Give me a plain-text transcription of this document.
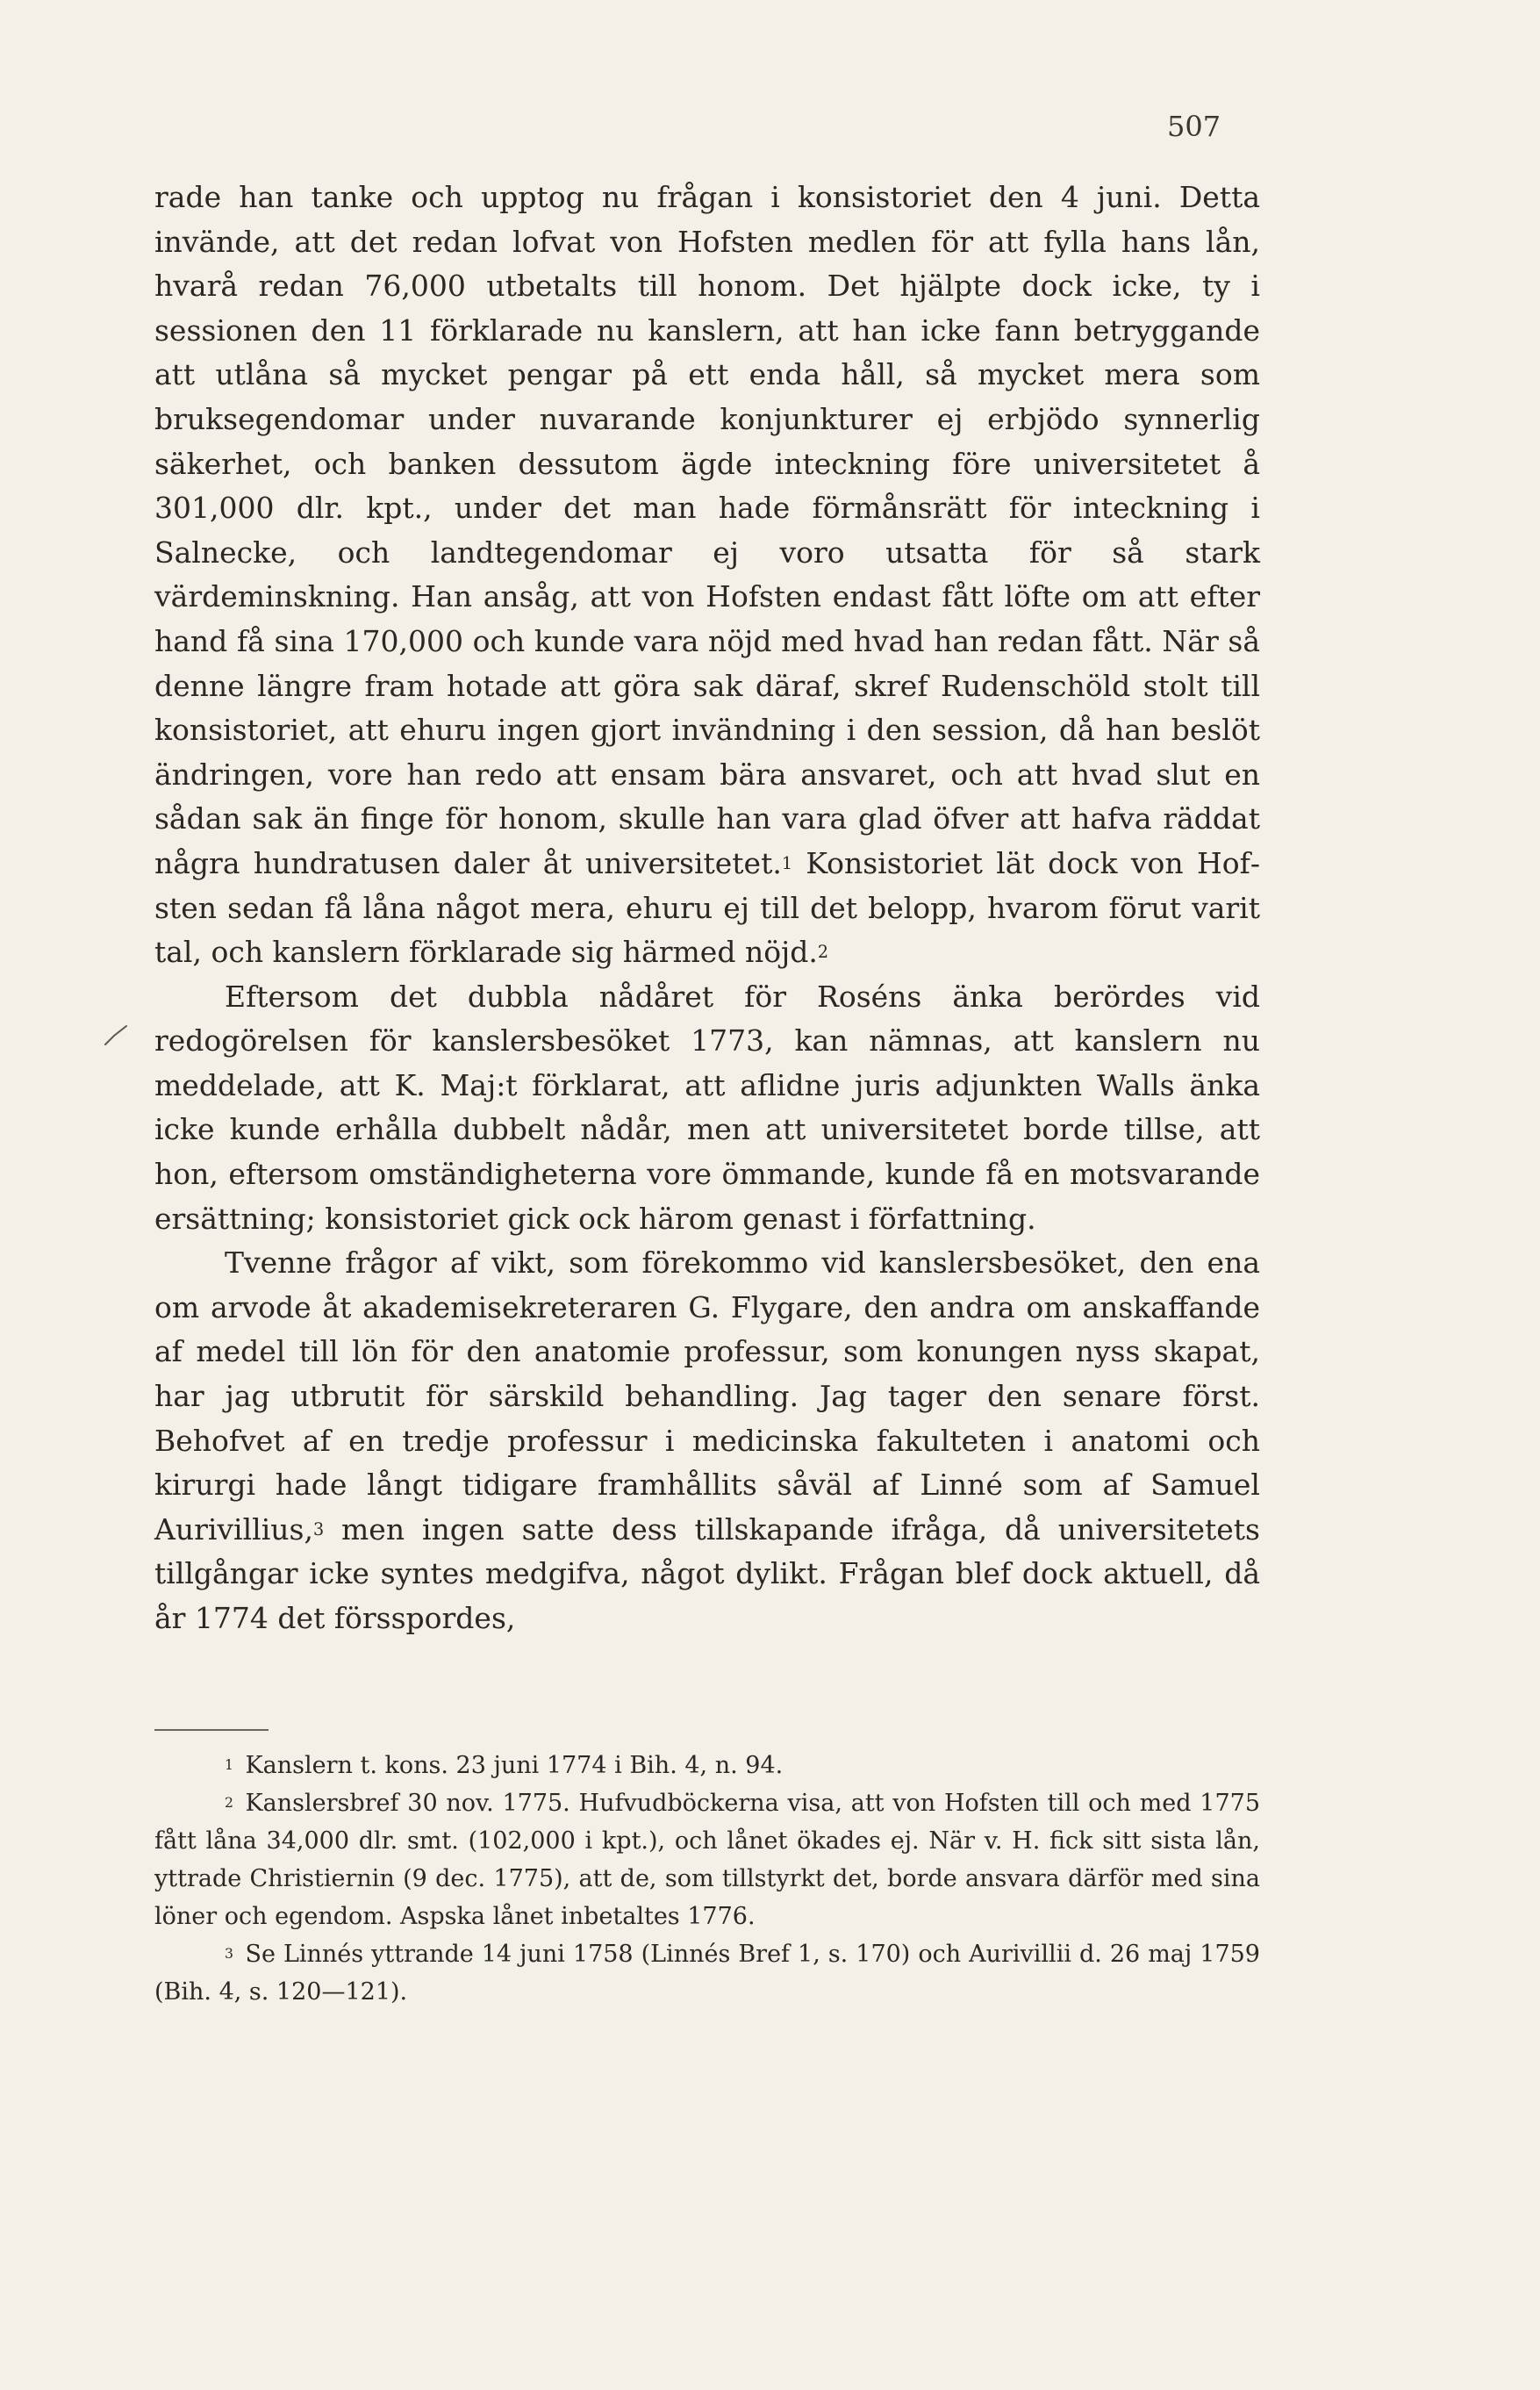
507

rade han tanke och upptog nu frågan i konsistoriet den 4 juni. Detta invände, att det redan lofvat von Hofsten medlen för att fylla hans lån, hvarå redan 76,000 utbetalts till honom. Det hjälpte dock icke, ty i sessionen den 11 förklarade nu kanslern, att han icke fann betryggande att utlåna så mycket pengar på ett enda håll, så mycket mera som bruksegendomar under nuvarande konjunkturer ej erbjödo synnerlig säkerhet, och banken dessutom ägde inteckning före universitetet å 301,000 dlr. kpt., under det man hade förmånsrätt för inteckning i Salnecke, och landtegendomar ej voro utsatta för så stark värdeminskning. Han ansåg, att von Hofsten endast fått löfte om att efter hand få sina 170,000 och kunde vara nöjd med hvad han redan fått. När så denne längre fram hotade att göra sak däraf, skref Rudenschöld stolt till konsistoriet, att ehuru ingen gjort invändning i den session, då han beslöt ändringen, vore han redo att ensam bära ansvaret, och att hvad slut en sådan sak än finge för honom, skulle han vara glad öfver att hafva räddat några hundratusen daler åt universitetet.$^1$ Konsistoriet lät dock von Hofsten sedan få låna något mera, ehuru ej till det belopp, hvarom förut varit tal, och kanslern förklarade sig härmed nöjd.$^2$

Eftersom det dubbla nådåret för Roséns änka berördes vid redogörelsen för kanslersbesöket 1773, kan nämnas, att kanslern nu meddelade, att K. Maj:t förklarat, att aflidne juris adjunkten Walls änka icke kunde erhålla dubbelt nådår, men att universitetet borde tillse, att hon, eftersom omständigheterna vore ömmande, kunde få en motsvarande ersättning; konsistoriet gick ock härom genast i författning.

Tvenne frågor af vikt, som förekommo vid kanslersbesöket, den ena om arvode åt akademisekreteraren G. Flygare, den andra om anskaffande af medel till lön för den anatomie professur, som konungen nyss skapat, har jag utbrutit för särskild behandling. Jag tager den senare först. Behofvet af en tredje professur i medicinska fakulteten i anatomi och kirurgi hade långt tidigare framhållits såväl af Linné som af Samuel Aurivillius,$^3$ men ingen satte dess tillskapande ifråga, då universitetets tillgångar icke syntes medgifva, något dylikt. Frågan blef dock aktuell, då år 1774 det försspordes,

$^1$  Kanslern t. kons. 23 juni 1774 i Bih. 4, n. 94.

$^2$  Kanslersbref 30 nov. 1775. Hufvudböckerna visa, att von Hofsten till och med 1775 fått låna 34,000 dlr. smt. (102,000 i kpt.), och lånet ökades ej. När v. H. fick sitt sista lån, yttrade Christiernin (9 dec. 1775), att de, som tillstyrkt det, borde ansvara därför med sina löner och egendom. Aspska lånet inbetaltes 1776.

$^3$  Se Linnés yttrande 14 juni 1758 (Linnés Bref 1, s. 170) och Aurivillii d. 26 maj 1759 (Bih. 4, s. 120—121).
